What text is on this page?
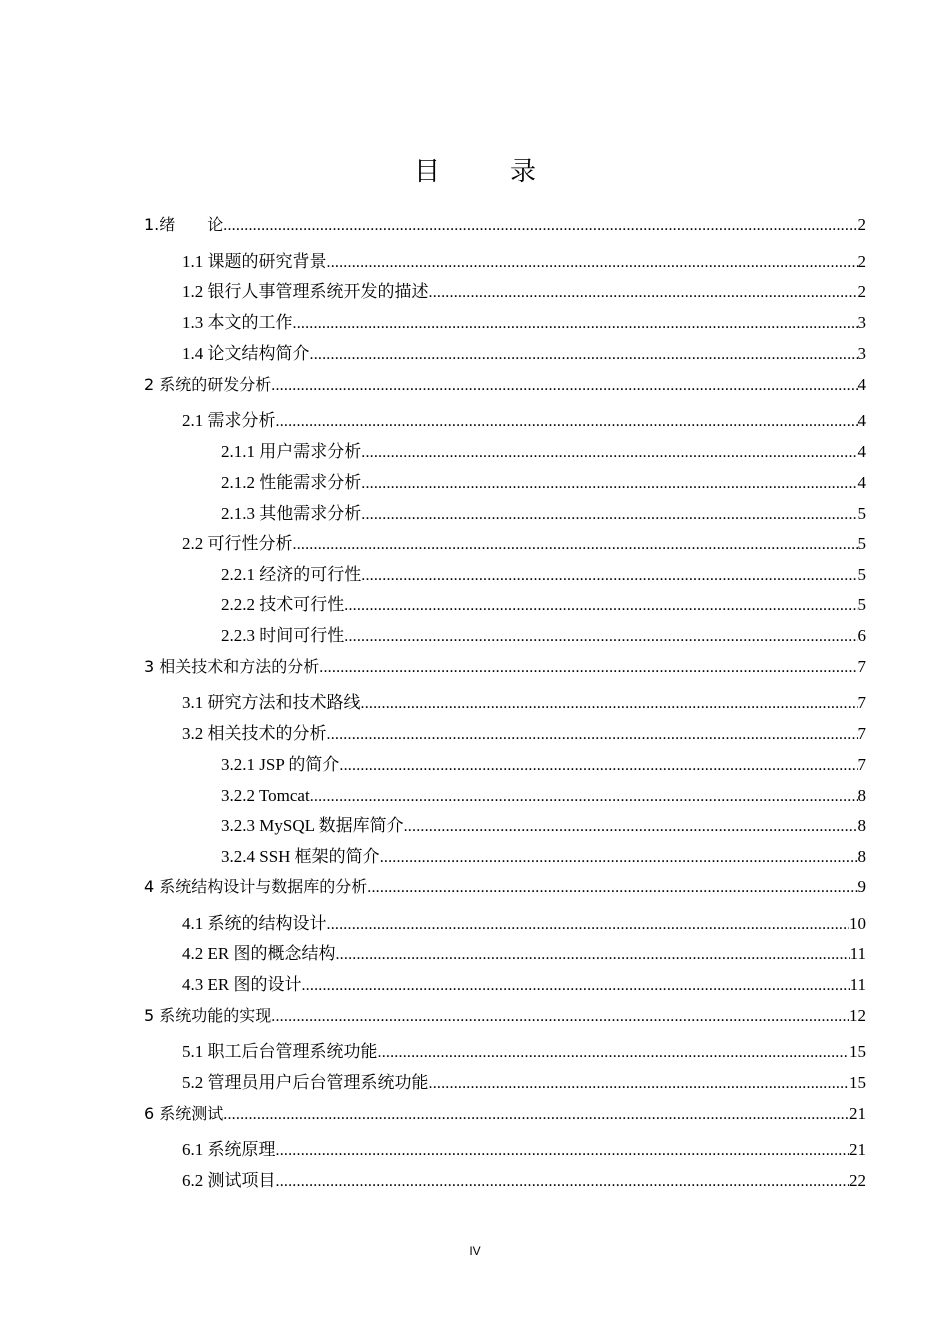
目　录
1.绪　　论 .....	2
1.1 课题的研究背景 .....	2
1.2 银行人事管理系统开发的描述 .....	2
1.3 本文的工作 .....	3
1.4 论文结构简介 .....	3
2 系统的研发分析 .....	4
2.1 需求分析 .....	4
2.1.1 用户需求分析 .....	4
2.1.2 性能需求分析 .....	4
2.1.3 其他需求分析 .....	5
2.2 可行性分析 .....	5
2.2.1 经济的可行性 .....	5
2.2.2 技术可行性 .....	5
2.2.3 时间可行性 .....	6
3 相关技术和方法的分析 .....	7
3.1 研究方法和技术路线 .....	7
3.2 相关技术的分析 .....	7
3.2.1 JSP 的简介 .....	7
3.2.2 Tomcat .....	8
3.2.3 MySQL 数据库简介 .....	8
3.2.4 SSH 框架的简介 .....	8
4 系统结构设计与数据库的分析 .....	9
4.1 系统的结构设计 .....	10
4.2 ER 图的概念结构 .....	11
4.3 ER 图的设计 .....	11
5 系统功能的实现 .....	12
5.1 职工后台管理系统功能 .....	15
5.2 管理员用户后台管理系统功能 .....	15
6 系统测试 .....	21
6.1 系统原理 .....	21
6.2 测试项目 .....	22
IV
